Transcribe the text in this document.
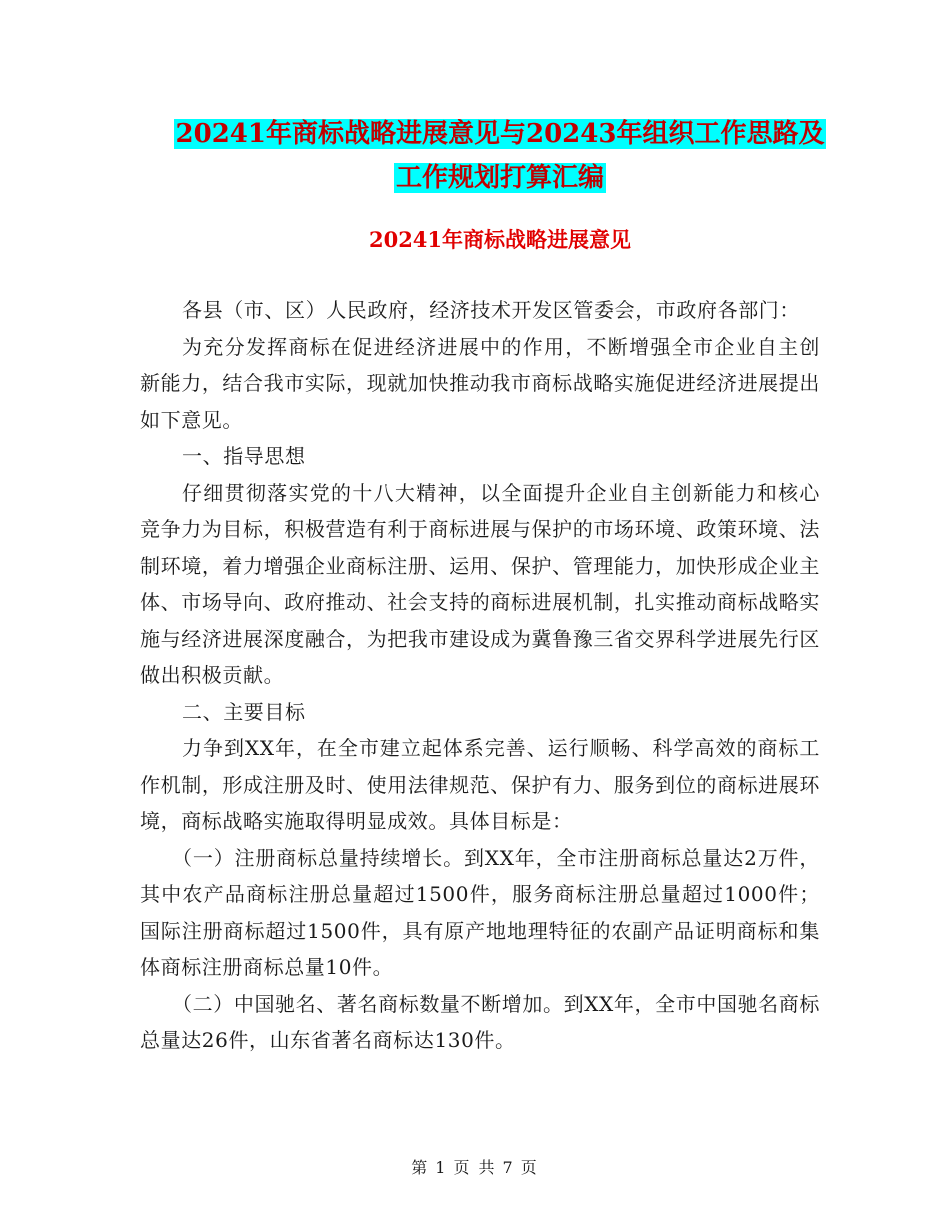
20241年商标战略进展意见与20243年组织工作思路及
工作规划打算汇编
20241年商标战略进展意见

各县（市、区）人民政府，经济技术开发区管委会，市政府各部门：

为充分发挥商标在促进经济进展中的作用，不断增强全市企业自主创新能力，结合我市实际，现就加快推动我市商标战略实施促进经济进展提出如下意见。

一、指导思想

仔细贯彻落实党的十八大精神，以全面提升企业自主创新能力和核心竞争力为目标，积极营造有利于商标进展与保护的市场环境、政策环境、法制环境，着力增强企业商标注册、运用、保护、管理能力，加快形成企业主体、市场导向、政府推动、社会支持的商标进展机制，扎实推动商标战略实施与经济进展深度融合，为把我市建设成为冀鲁豫三省交界科学进展先行区做出积极贡献。

二、主要目标

力争到XX年，在全市建立起体系完善、运行顺畅、科学高效的商标工作机制，形成注册及时、使用法律规范、保护有力、服务到位的商标进展环境，商标战略实施取得明显成效。具体目标是：

（一）注册商标总量持续增长。到XX年，全市注册商标总量达2万件，其中农产品商标注册总量超过1500件，服务商标注册总量超过1000件；国际注册商标超过1500件，具有原产地地理特征的农副产品证明商标和集体商标注册商标总量10件。

（二）中国驰名、著名商标数量不断增加。到XX年，全市中国驰名商标总量达26件，山东省著名商标达130件。

第 1 页 共 7 页
